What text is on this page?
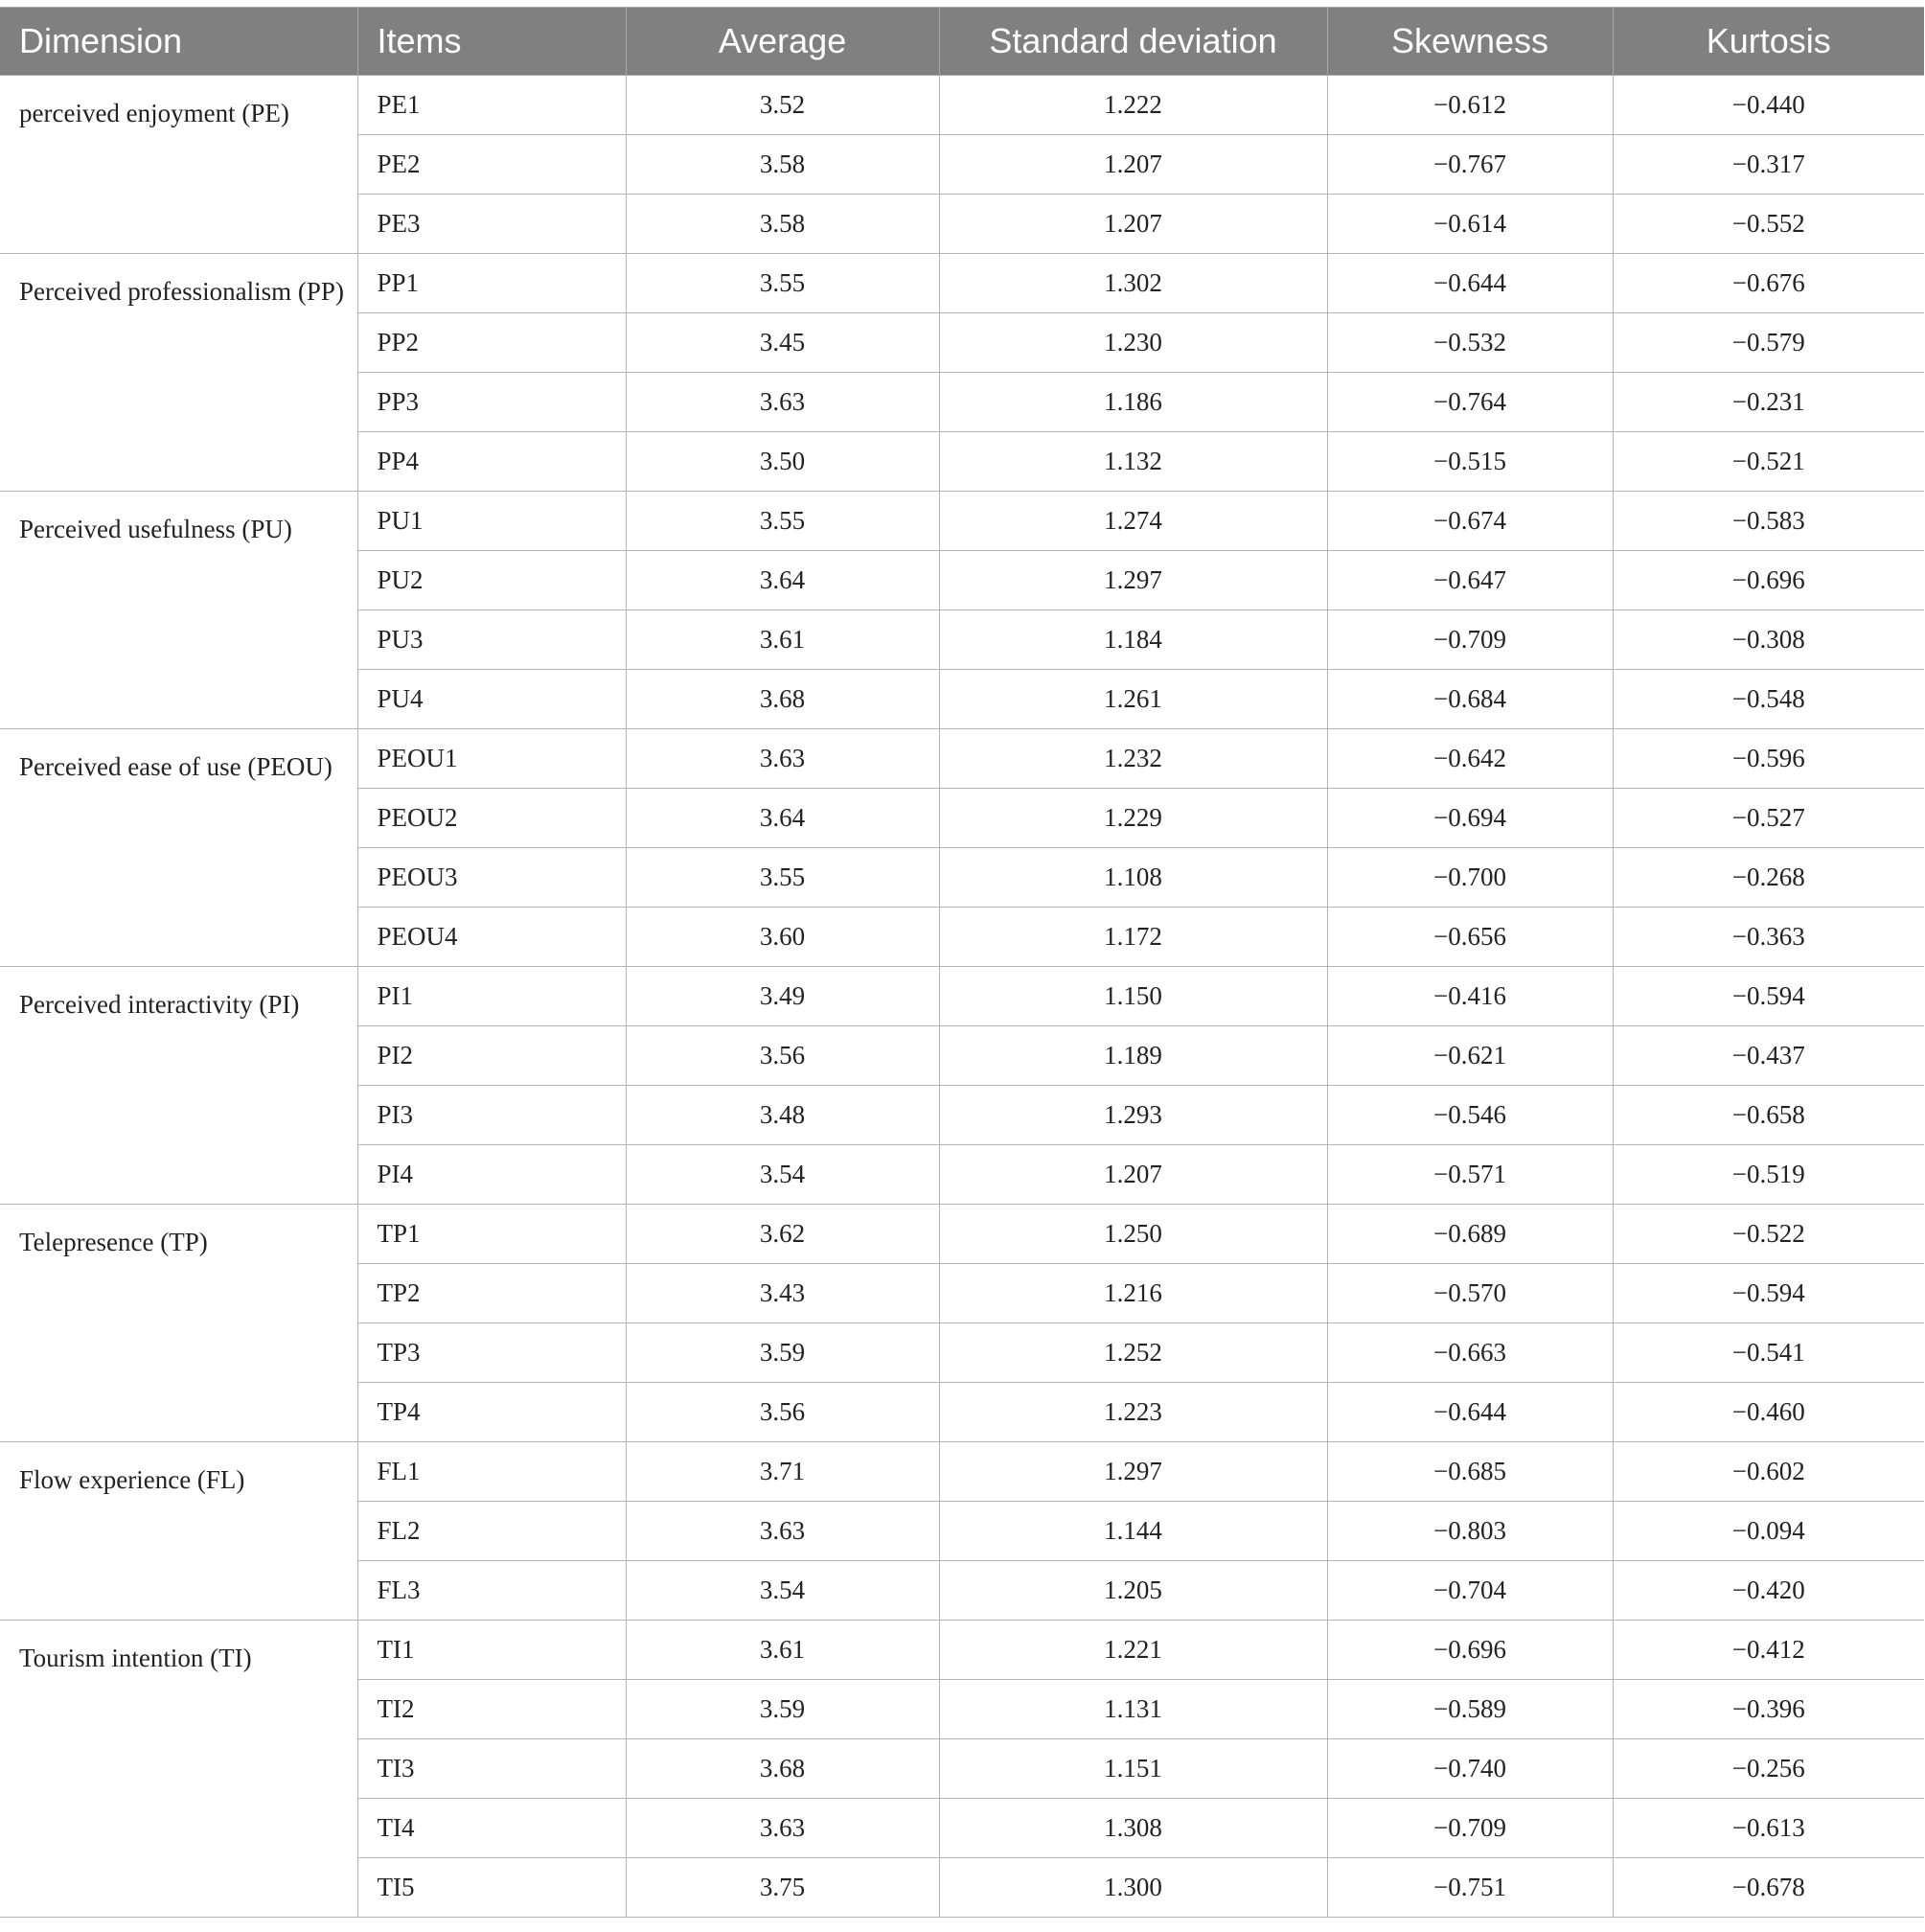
Dimension	Items	Average	Standard deviation	Skewness	Kurtosis
perceived enjoyment (PE)	PE1	3.52	1.222	−0.612	−0.440
	PE2	3.58	1.207	−0.767	−0.317
	PE3	3.58	1.207	−0.614	−0.552
Perceived professionalism (PP)	PP1	3.55	1.302	−0.644	−0.676
	PP2	3.45	1.230	−0.532	−0.579
	PP3	3.63	1.186	−0.764	−0.231
	PP4	3.50	1.132	−0.515	−0.521
Perceived usefulness (PU)	PU1	3.55	1.274	−0.674	−0.583
	PU2	3.64	1.297	−0.647	−0.696
	PU3	3.61	1.184	−0.709	−0.308
	PU4	3.68	1.261	−0.684	−0.548
Perceived ease of use (PEOU)	PEOU1	3.63	1.232	−0.642	−0.596
	PEOU2	3.64	1.229	−0.694	−0.527
	PEOU3	3.55	1.108	−0.700	−0.268
	PEOU4	3.60	1.172	−0.656	−0.363
Perceived interactivity (PI)	PI1	3.49	1.150	−0.416	−0.594
	PI2	3.56	1.189	−0.621	−0.437
	PI3	3.48	1.293	−0.546	−0.658
	PI4	3.54	1.207	−0.571	−0.519
Telepresence (TP)	TP1	3.62	1.250	−0.689	−0.522
	TP2	3.43	1.216	−0.570	−0.594
	TP3	3.59	1.252	−0.663	−0.541
	TP4	3.56	1.223	−0.644	−0.460
Flow experience (FL)	FL1	3.71	1.297	−0.685	−0.602
	FL2	3.63	1.144	−0.803	−0.094
	FL3	3.54	1.205	−0.704	−0.420
Tourism intention (TI)	TI1	3.61	1.221	−0.696	−0.412
	TI2	3.59	1.131	−0.589	−0.396
	TI3	3.68	1.151	−0.740	−0.256
	TI4	3.63	1.308	−0.709	−0.613
	TI5	3.75	1.300	−0.751	−0.678
